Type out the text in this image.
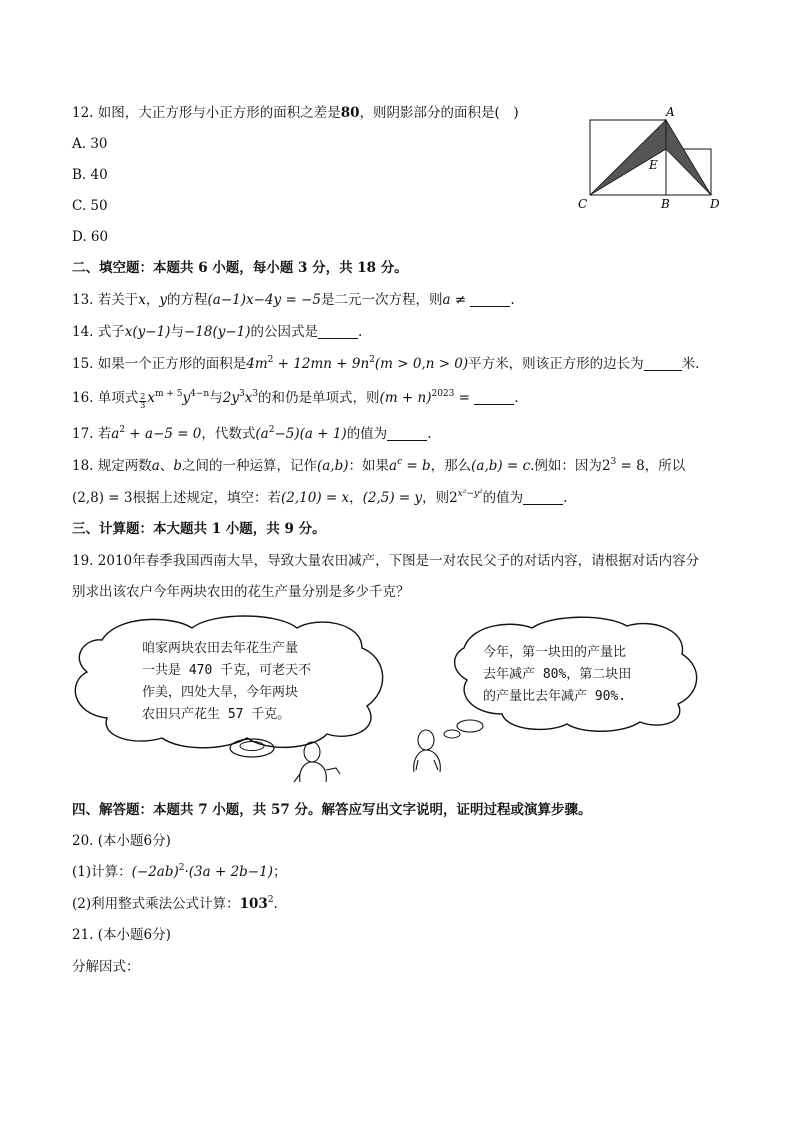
12. 如图，大正方形与小正方形的面积之差是80，则阴影部分的面积是(　)
A. 30
B. 40
C. 50
D. 60
A
E
C	B	D
二、填空题：本题共 6 小题，每小题 3 分，共 18 分。
13. 若关于x，y的方程(a−1)x−4y = −5是二元一次方程，则a ≠	.
14. 式子x(y−1)与−18(y−1)的公因式是	.
15. 如果一个正方形的面积是$4m^2 + 12mn + 9n^2(m > 0,n > 0)$平方米，则该正方形的边长为	米.
16. 单项式 $\frac{2}{3} x^{m + 5}y^{4-n}$与$2y^3x^3$的和仍是单项式，则$(m + n)^{2023}$ =	.
17. 若$a^2 + a-5 = 0$，代数式$(a^2-5)(a + 1)$的值为	.
18. 规定两数a、b之间的一种运算，记作(a,b)：如果$a^c = b$，那么(a,b) = c.例如：因为$2^3 = 8$，所以
(2,8) = 3根据上述规定，填空：若(2,10) = x，(2,5) = y，则$2^{x^2-y^2}$的值为	.
三、计算题：本大题共 1 小题，共 9 分。
19. 2010年春季我国西南大旱，导致大量农田减产，下图是一对农民父子的对话内容，请根据对话内容分
别求出该农户今年两块农田的花生产量分别是多少千克？
咱家两块农田去年花生产量
一共是 470 千克，可老天不
作美，四处大旱，今年两块
农田只产花生 57 千克。
今年，第一块田的产量比
去年减产 80%，第二块田
的产量比去年减产 90%.
四、解答题：本题共 7 小题，共 57 分。解答应写出文字说明，证明过程或演算步骤。
20. (本小题6分)
(1)计算：$(-2ab)^2\cdot(3a + 2b-1)$；
(2)利用整式乘法公式计算：$103^2$.
21. (本小题6分)
分解因式：
